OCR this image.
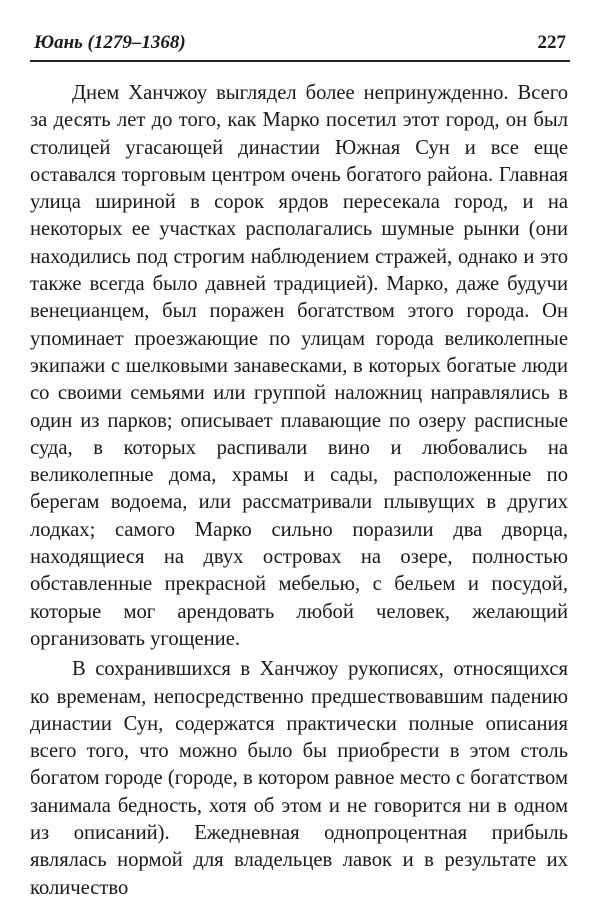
Юань (1279–1368)	227

Днем Ханчжоу выглядел более непринужденно. Всего за десять лет до того, как Марко посетил этот город, он был столицей угасающей династии Южная Сун и все еще оставался торговым центром очень богатого района. Главная улица шириной в сорок ярдов пересекала город, и на некоторых ее участках располагались шумные рынки (они находились под строгим наблюдением стражей, однако и это также всегда было давней традицией). Марко, даже будучи венецианцем, был поражен богатством этого города. Он упоминает проезжающие по улицам города великолепные экипажи с шелковыми занавесками, в которых богатые люди со своими семьями или группой наложниц направлялись в один из парков; описывает плавающие по озеру расписные суда, в которых распивали вино и любовались на великолепные дома, храмы и сады, расположенные по берегам водоема, или рассматривали плывущих в других лодках; самого Марко сильно поразили два дворца, находящиеся на двух островах на озере, полностью обставленные прекрасной мебелью, с бельем и посудой, которые мог арендовать любой человек, желающий организовать угощение.

В сохранившихся в Ханчжоу рукописях, относящихся ко временам, непосредственно предшествовавшим падению династии Сун, содержатся практически полные описания всего того, что можно было бы приобрести в этом столь богатом городе (городе, в котором равное место с богатством занимала бедность, хотя об этом и не говорится ни в одном из описаний). Ежедневная однопроцентная прибыль являлась нормой для владельцев лавок и в результате их количество
